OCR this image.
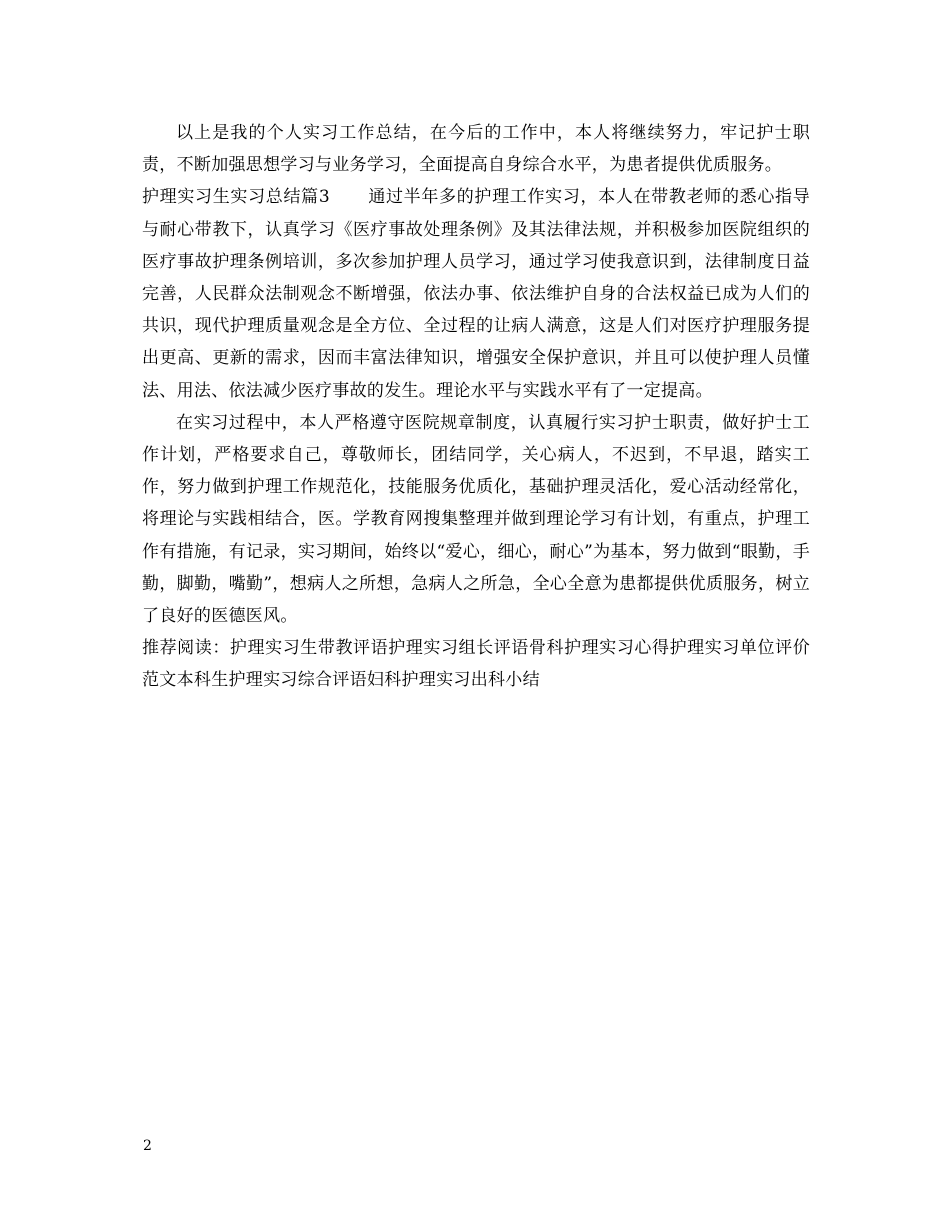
以上是我的个人实习工作总结，在今后的工作中，本人将继续努力，牢记护士职责，不断加强思想学习与业务学习，全面提高自身综合水平，为患者提供优质服务。

护理实习生实习总结篇3 通过半年多的护理工作实习，本人在带教老师的悉心指导与耐心带教下，认真学习《医疗事故处理条例》及其法律法规，并积极参加医院组织的医疗事故护理条例培训，多次参加护理人员学习，通过学习使我意识到，法律制度日益完善，人民群众法制观念不断增强，依法办事、依法维护自身的合法权益已成为人们的共识，现代护理质量观念是全方位、全过程的让病人满意，这是人们对医疗护理服务提出更高、更新的需求，因而丰富法律知识，增强安全保护意识，并且可以使护理人员懂法、用法、依法减少医疗事故的发生。理论水平与实践水平有了一定提高。

在实习过程中，本人严格遵守医院规章制度，认真履行实习护士职责，做好护士工作计划，严格要求自己，尊敬师长，团结同学，关心病人，不迟到，不早退，踏实工作，努力做到护理工作规范化，技能服务优质化，基础护理灵活化，爱心活动经常化，将理论与实践相结合，医。学教育网搜集整理并做到理论学习有计划，有重点，护理工作有措施，有记录，实习期间，始终以“爱心，细心，耐心”为基本，努力做到“眼勤，手勤，脚勤，嘴勤”，想病人之所想，急病人之所急，全心全意为患都提供优质服务，树立了良好的医德医风。

推荐阅读：护理实习生带教评语护理实习组长评语骨科护理实习心得护理实习单位评价范文本科生护理实习综合评语妇科护理实习出科小结

2
